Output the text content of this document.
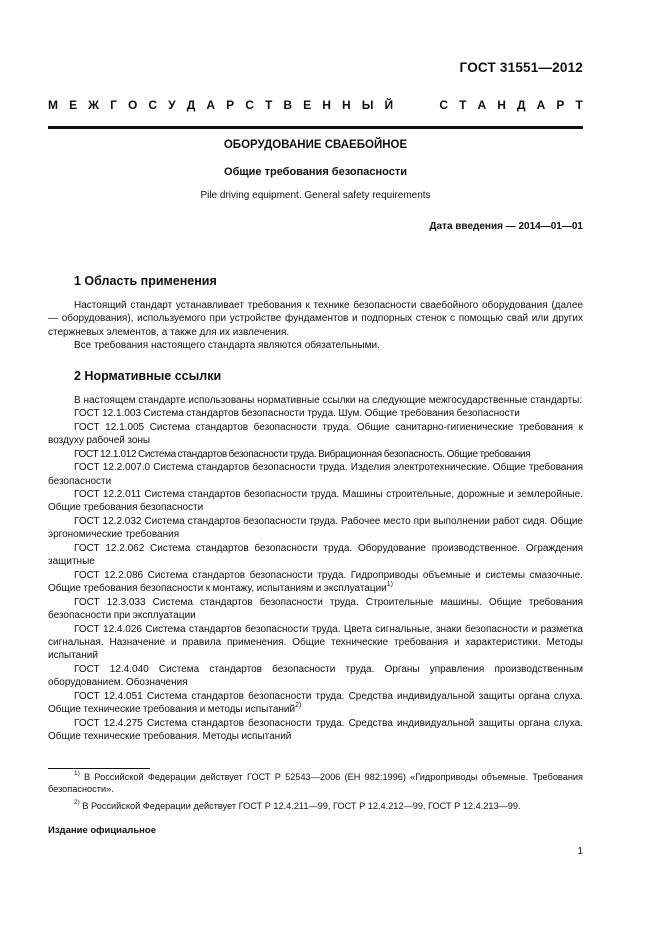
ГОСТ 31551—2012
М Е Ж Г О С У Д А Р С Т В Е Н Н Ы Й	С Т А Н Д А Р Т
ОБОРУДОВАНИЕ СВАЕБОЙНОЕ
Общие требования безопасности
Pile driving equipment. General safety requirements
Дата введения — 2014—01—01
1 Область применения

Настоящий стандарт устанавливает требования к технике безопасности сваебойного оборудования (далее — оборудования), используемого при устройстве фундаментов и подпорных стенок с помощью свай или других стержневых элементов, а также для их извлечения.

Все требования настоящего стандарта являются обязательными.

2 Нормативные ссылки

В настоящем стандарте использованы нормативные ссылки на следующие межгосударственные стандарты:

ГОСТ 12.1.003 Система стандартов безопасности труда. Шум. Общие требования безопасности

ГОСТ 12.1.005 Система стандартов безопасности труда. Общие санитарно-гигиенические требования к воздуху рабочей зоны

ГОСТ 12.1.012 Система стандартов безопасности труда. Вибрационная безопасность. Общие требования

ГОСТ 12.2.007.0 Система стандартов безопасности труда. Изделия электротехнические. Общие требования безопасности

ГОСТ 12.2.011 Система стандартов безопасности труда. Машины строительные, дорожные и землеройные. Общие требования безопасности

ГОСТ 12.2.032 Система стандартов безопасности труда. Рабочее место при выполнении работ сидя. Общие эргономические требования

ГОСТ 12.2.062 Система стандартов безопасности труда. Оборудование производственное. Ограждения защитные

ГОСТ 12.2.086 Система стандартов безопасности труда. Гидроприводы объемные и системы смазочные. Общие требования безопасности к монтажу, испытаниям и эксплуатации$^{1)}$

ГОСТ 12.3.033 Система стандартов безопасности труда. Строительные машины. Общие требования безопасности при эксплуатации

ГОСТ 12.4.026 Система стандартов безопасности труда. Цвета сигнальные, знаки безопасности и разметка сигнальная. Назначение и правила применения. Общие технические требования и характеристики. Методы испытаний

ГОСТ 12.4.040 Система стандартов безопасности труда. Органы управления производственным оборудованием. Обозначения

ГОСТ 12.4.051 Система стандартов безопасности труда. Средства индивидуальной защиты органа слуха. Общие технические требования и методы испытаний$^{2)}$

ГОСТ 12.4.275 Система стандартов безопасности труда. Средства индивидуальной защиты органа слуха. Общие технические требования. Методы испытаний

$^{1)}$ В Российской Федерации действует ГОСТ Р 52543—2006 (ЕН 982:1996) «Гидроприводы объемные. Требования безопасности».

$^{2)}$ В Российской Федерации действует ГОСТ Р 12.4.211—99, ГОСТ Р 12.4.212—99, ГОСТ Р 12.4.213—99.

Издание официальное
1
